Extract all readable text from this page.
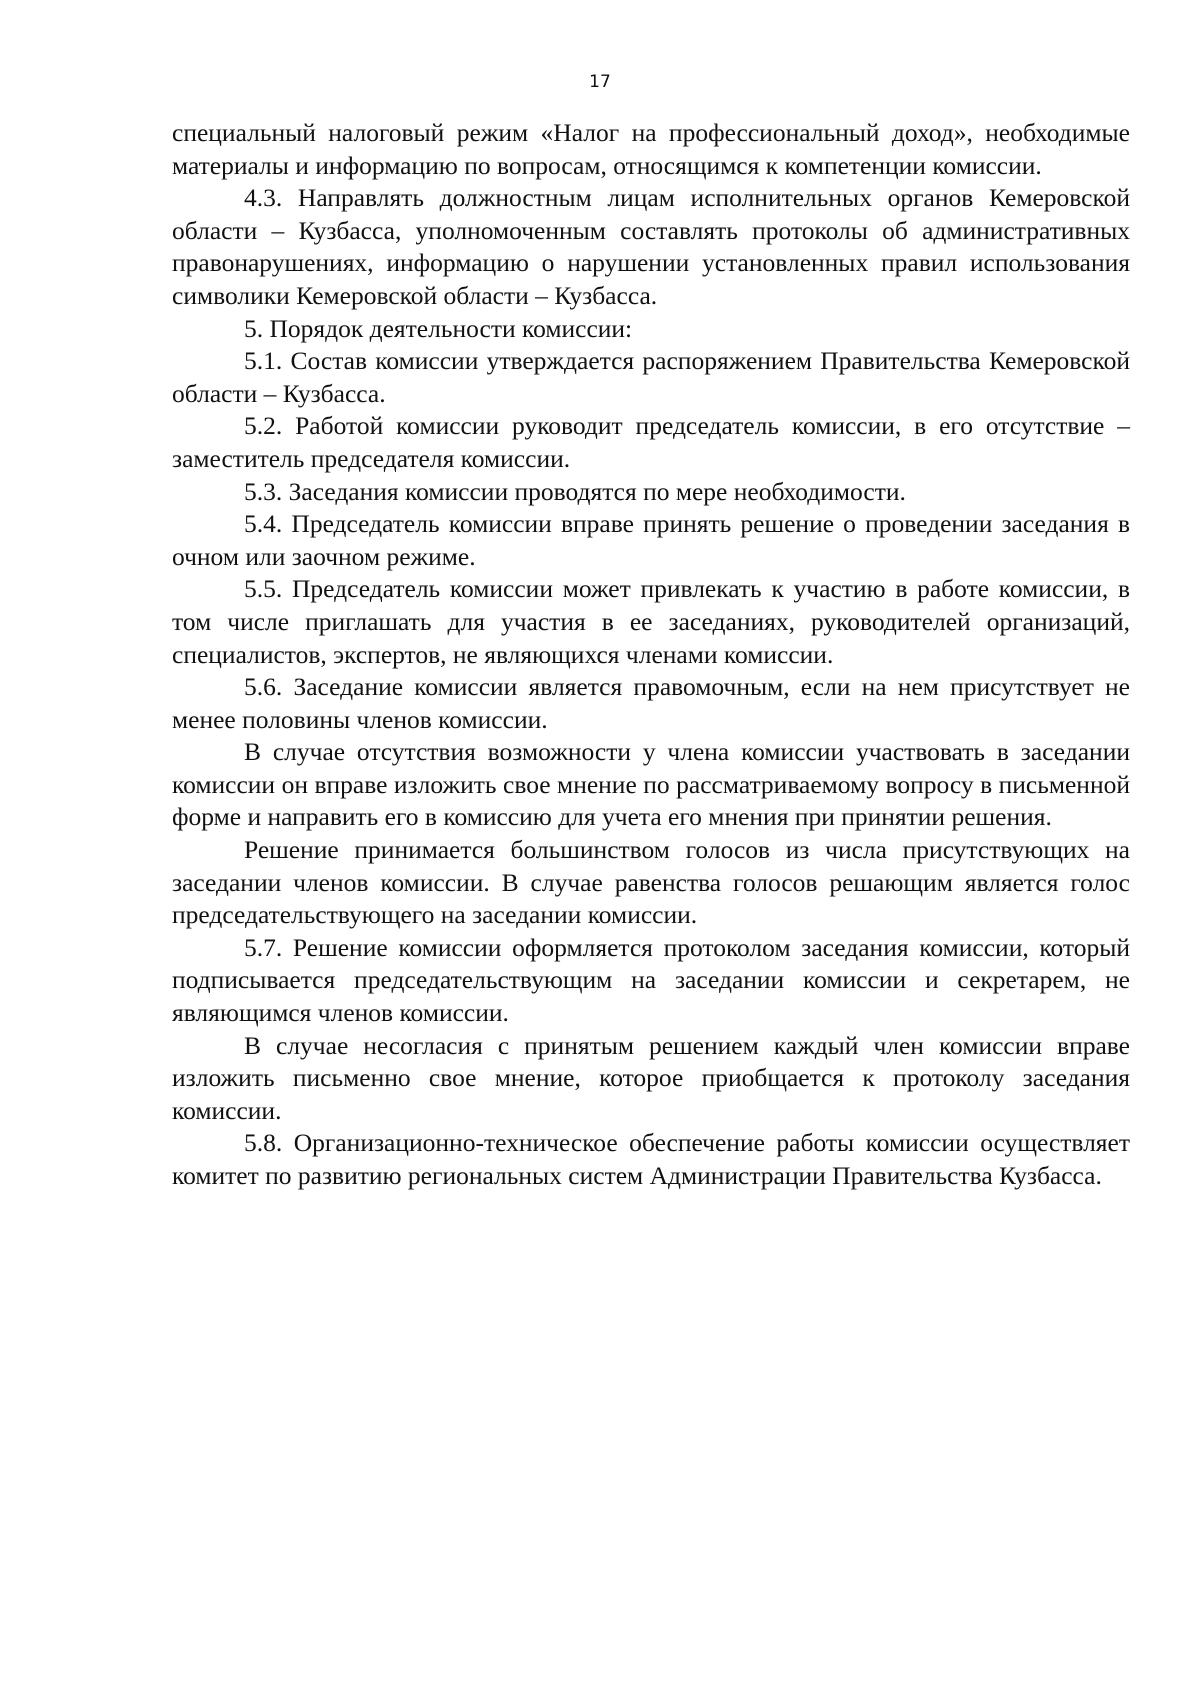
17

специальный налоговый режим «Налог на профессиональный доход», необходимые материалы и информацию по вопросам, относящимся к компетенции комиссии.

4.3. Направлять должностным лицам исполнительных органов Кемеровской области – Кузбасса, уполномоченным составлять протоколы об административных правонарушениях, информацию о нарушении установленных правил использования символики Кемеровской области – Кузбасса.

5. Порядок деятельности комиссии:

5.1. Состав комиссии утверждается распоряжением Правительства Кемеровской области – Кузбасса.

5.2. Работой комиссии руководит председатель комиссии, в его отсутствие – заместитель председателя комиссии.

5.3. Заседания комиссии проводятся по мере необходимости.

5.4. Председатель комиссии вправе принять решение о проведении заседания в очном или заочном режиме.

5.5. Председатель комиссии может привлекать к участию в работе комиссии, в том числе приглашать для участия в ее заседаниях, руководителей организаций, специалистов, экспертов, не являющихся членами комиссии.

5.6. Заседание комиссии является правомочным, если на нем присутствует не менее половины членов комиссии.

В случае отсутствия возможности у члена комиссии участвовать в заседании комиссии он вправе изложить свое мнение по рассматриваемому вопросу в письменной форме и направить его в комиссию для учета его мнения при принятии решения.

Решение принимается большинством голосов из числа присутствующих на заседании членов комиссии. В случае равенства голосов решающим является голос председательствующего на заседании комиссии.

5.7. Решение комиссии оформляется протоколом заседания комиссии, который подписывается председательствующим на заседании комиссии и секретарем, не являющимся членов комиссии.

В случае несогласия с принятым решением каждый член комиссии вправе изложить письменно свое мнение, которое приобщается к протоколу заседания комиссии.

5.8. Организационно-техническое обеспечение работы комиссии осуществляет комитет по развитию региональных систем Администрации Правительства Кузбасса.
